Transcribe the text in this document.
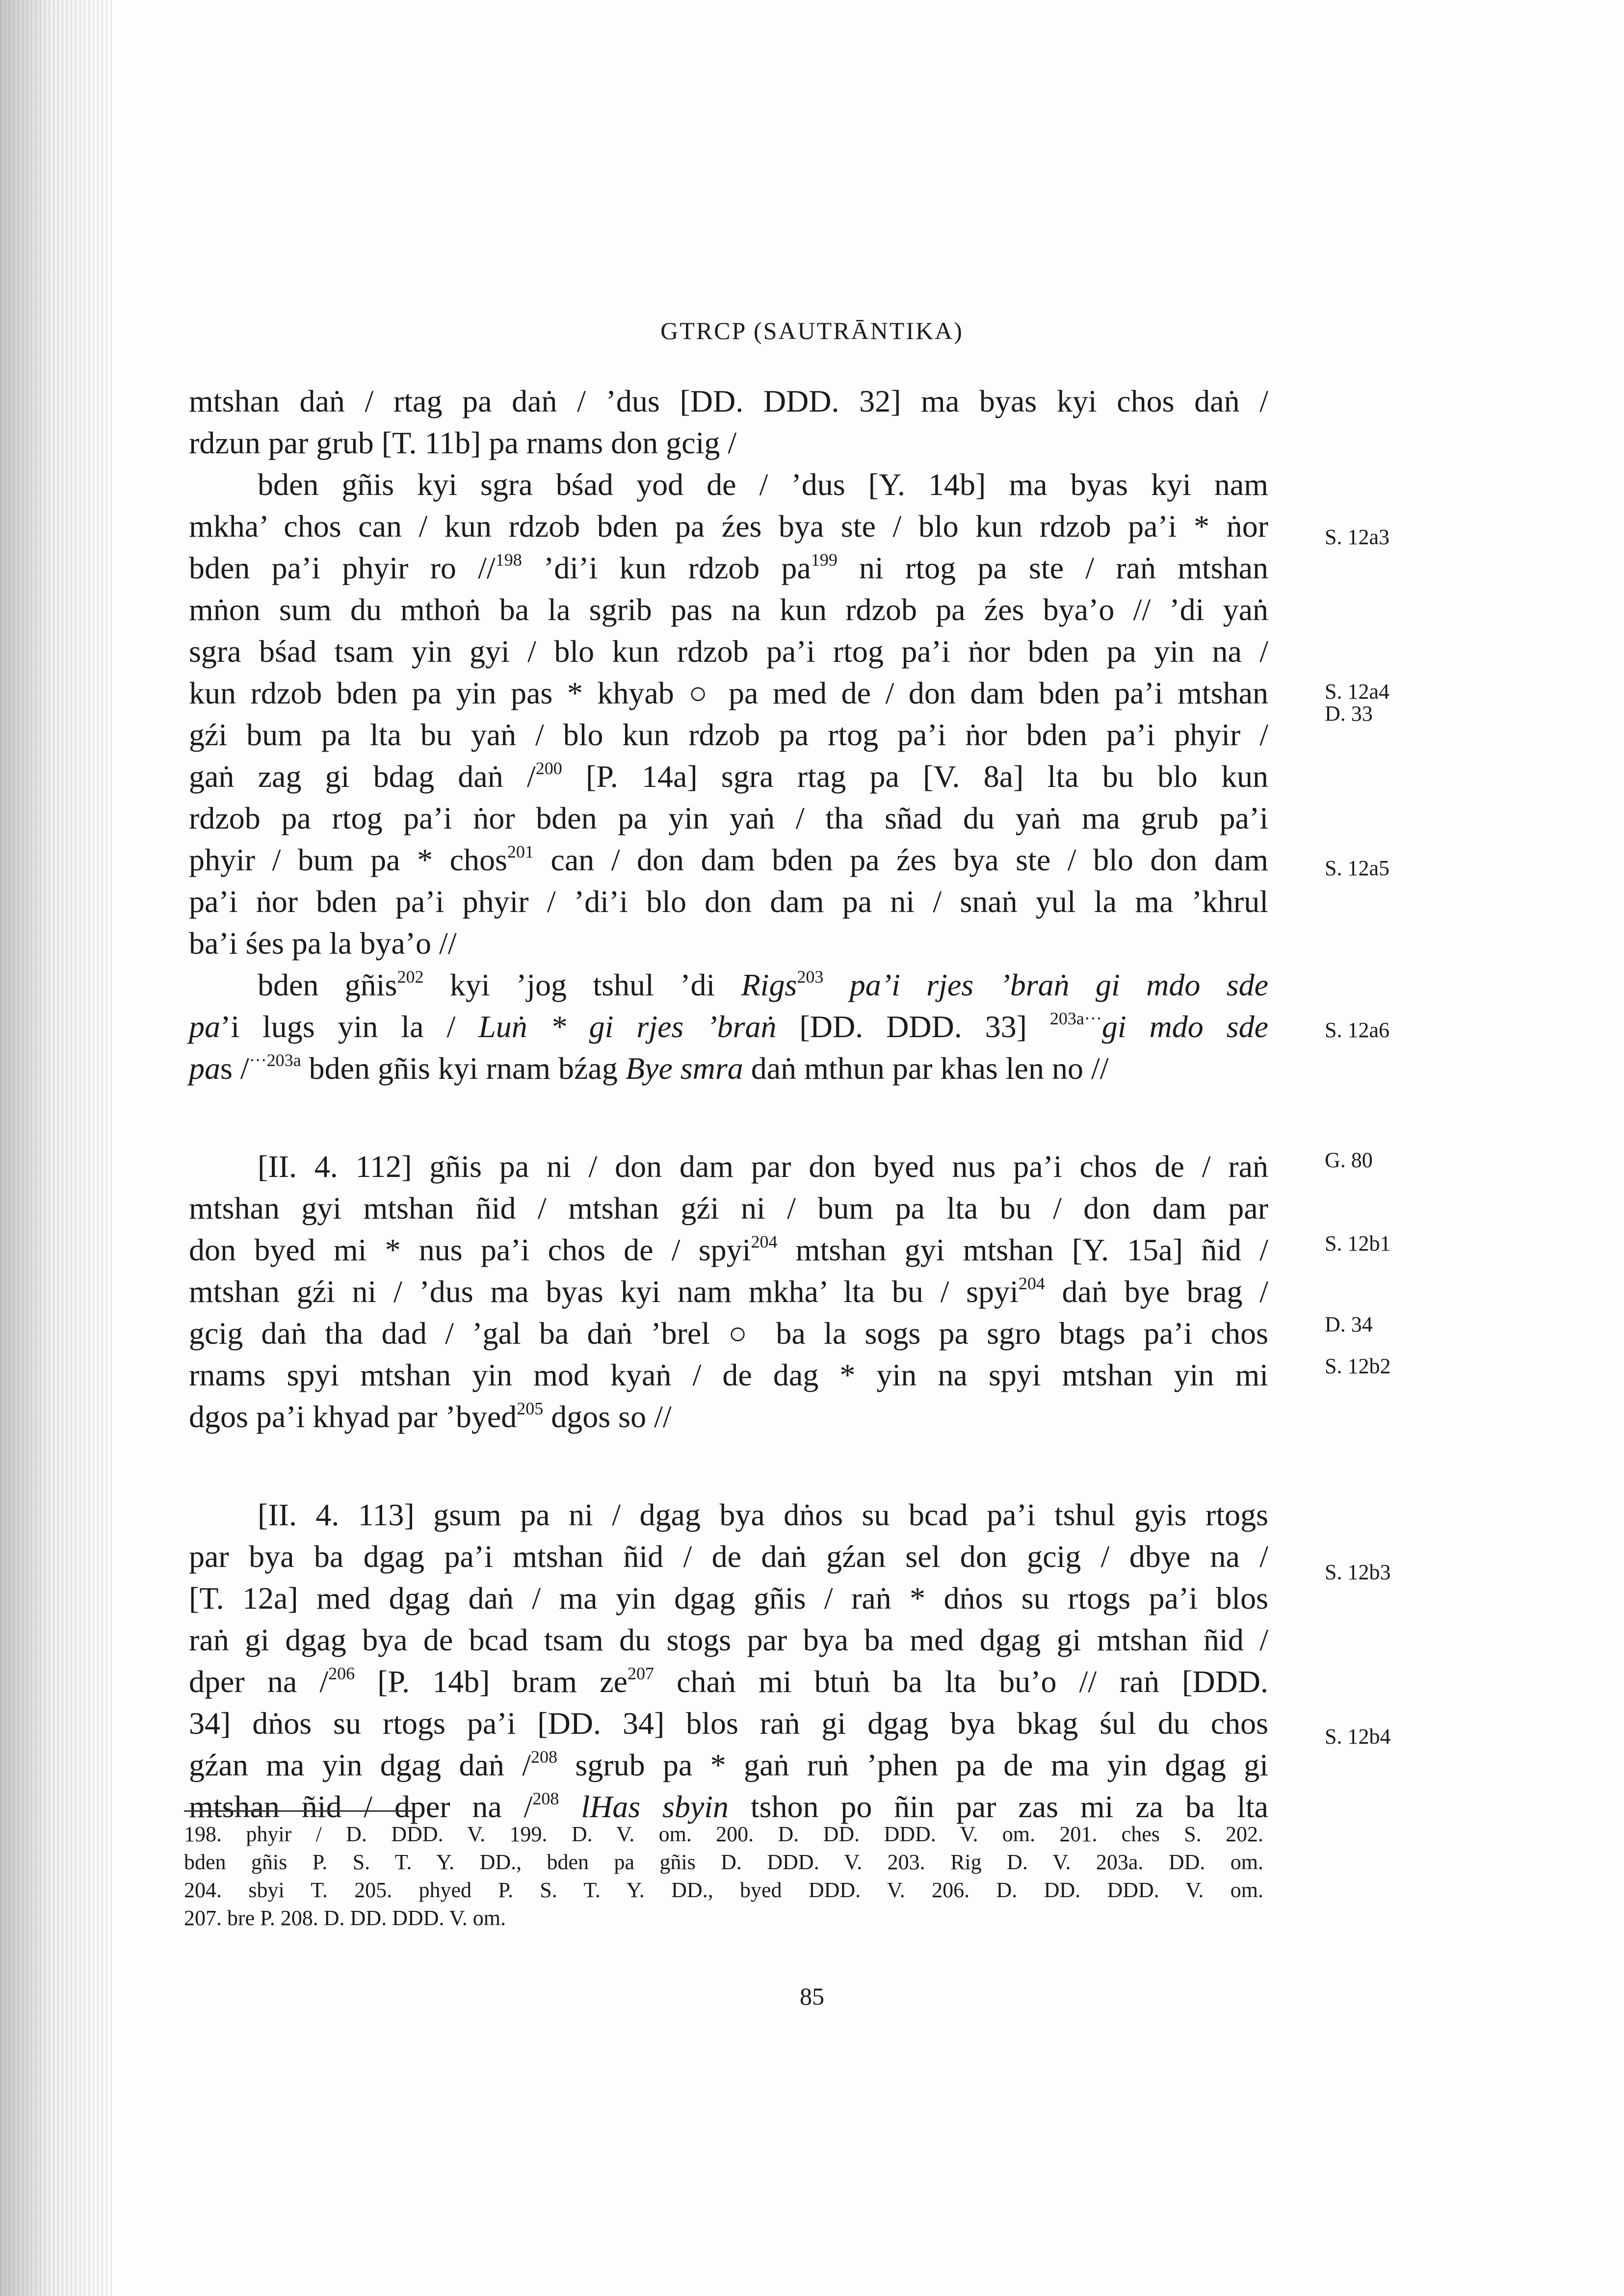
GTRCP (SAUTRĀNTIKA)
mtshan daṅ / rtag pa daṅ / ’dus [DD. DDD. 32] ma byas kyi chos daṅ /
rdzun par grub [T. 11b] pa rnams don gcig /
bden gñis kyi sgra bśad yod de / ’dus [Y. 14b] ma byas kyi nam
mkha’ chos can / kun rdzob bden pa źes bya ste / blo kun rdzob pa’i * ṅor
bden pa’i phyir ro //$^{198}$ ’di’i kun rdzob $pa^{199}$ ni rtog pa ste / raṅ mtshan
mṅon sum du mthoṅ ba la sgrib pas na kun rdzob pa źes bya’o // ’di yaṅ
sgra bśad tsam yin gyi / blo kun rdzob pa’i rtog pa’i ṅor bden pa yin na /
kun rdzob bden pa yin pas * khyab ○ pa med de / don dam bden pa’i mtshan
gźi bum pa lta bu yaṅ / blo kun rdzob pa rtog pa’i ṅor bden pa’i phyir /
gaṅ zag gi bdag daṅ /$^{200}$ [P. 14a] sgra rtag pa [V. 8a] lta bu blo kun
rdzob pa rtog pa’i ṅor bden pa yin yaṅ / tha sñad du yaṅ ma grub pa’i
phyir / bum pa * chos$^{201}$ can / don dam bden pa źes bya ste / blo don dam
pa’i ṅor bden pa’i phyir / ’di’i blo don dam pa ni / snaṅ yul la ma ’khrul
ba’i śes pa la bya’o //
bden gñis$^{202}$ kyi ’jog tshul ’di Rigs$^{203}$ pa’i rjes ’braṅ gi mdo sde
pa’i lugs yin la / Luṅ * gi rjes ’braṅ [DD. DDD. 33] $^{203a\cdot\cdot\cdot}$gi mdo sde
pas /$^{\cdot\cdot\cdot 203a}$ bden gñis kyi rnam bźag Bye smra daṅ mthun par khas len no //
[II. 4. 112] gñis pa ni / don dam par don byed nus pa’i chos de / raṅ
mtshan gyi mtshan ñid / mtshan gźi ni / bum pa lta bu / don dam par
don byed mi * nus pa’i chos de / spyi$^{204}$ mtshan gyi mtshan [Y. 15a] ñid /
mtshan gźi ni / ’dus ma byas kyi nam mkha’ lta bu / spyi$^{204}$ daṅ bye brag /
gcig daṅ tha dad / ’gal ba daṅ ’brel ○ ba la sogs pa sgro btags pa’i chos
rnams spyi mtshan yin mod kyaṅ / de dag * yin na spyi mtshan yin mi
dgos pa’i khyad par ’byed$^{205}$ dgos so //
[II. 4. 113] gsum pa ni / dgag bya dṅos su bcad pa’i tshul gyis rtogs
par bya ba dgag pa’i mtshan ñid / de daṅ gźan sel don gcig / dbye na /
[T. 12a] med dgag daṅ / ma yin dgag gñis / raṅ * dṅos su rtogs pa’i blos
raṅ gi dgag bya de bcad tsam du stogs par bya ba med dgag gi mtshan ñid /
dper na /$^{206}$ [P. 14b] bram $ze^{207}$ chaṅ mi btuṅ ba lta bu’o // raṅ [DDD.
34] dṅos su rtogs pa’i [DD. 34] blos raṅ gi dgag bya bkag śul du chos
gźan ma yin dgag daṅ /$^{208}$ sgrub pa * gaṅ ruṅ ’phen pa de ma yin dgag gi
mtshan ñid / dper na /$^{208}$ lHas sbyin tshon po ñin par zas mi za ba lta
S. 12a3
S. 12a4
D. 33
S. 12a5
S. 12a6
G. 80
S. 12b1
D. 34
S. 12b2
S. 12b3
S. 12b4
198. phyir / D. DDD. V. 199. D. V. om. 200. D. DD. DDD. V. om. 201. ches S. 202.
bden gñis P. S. T. Y. DD., bden pa gñis D. DDD. V. 203. Rig D. V. 203a. DD. om.
204. sbyi T. 205. phyed P. S. T. Y. DD., byed DDD. V. 206. D. DD. DDD. V. om.
207. bre P. 208. D. DD. DDD. V. om.
85
